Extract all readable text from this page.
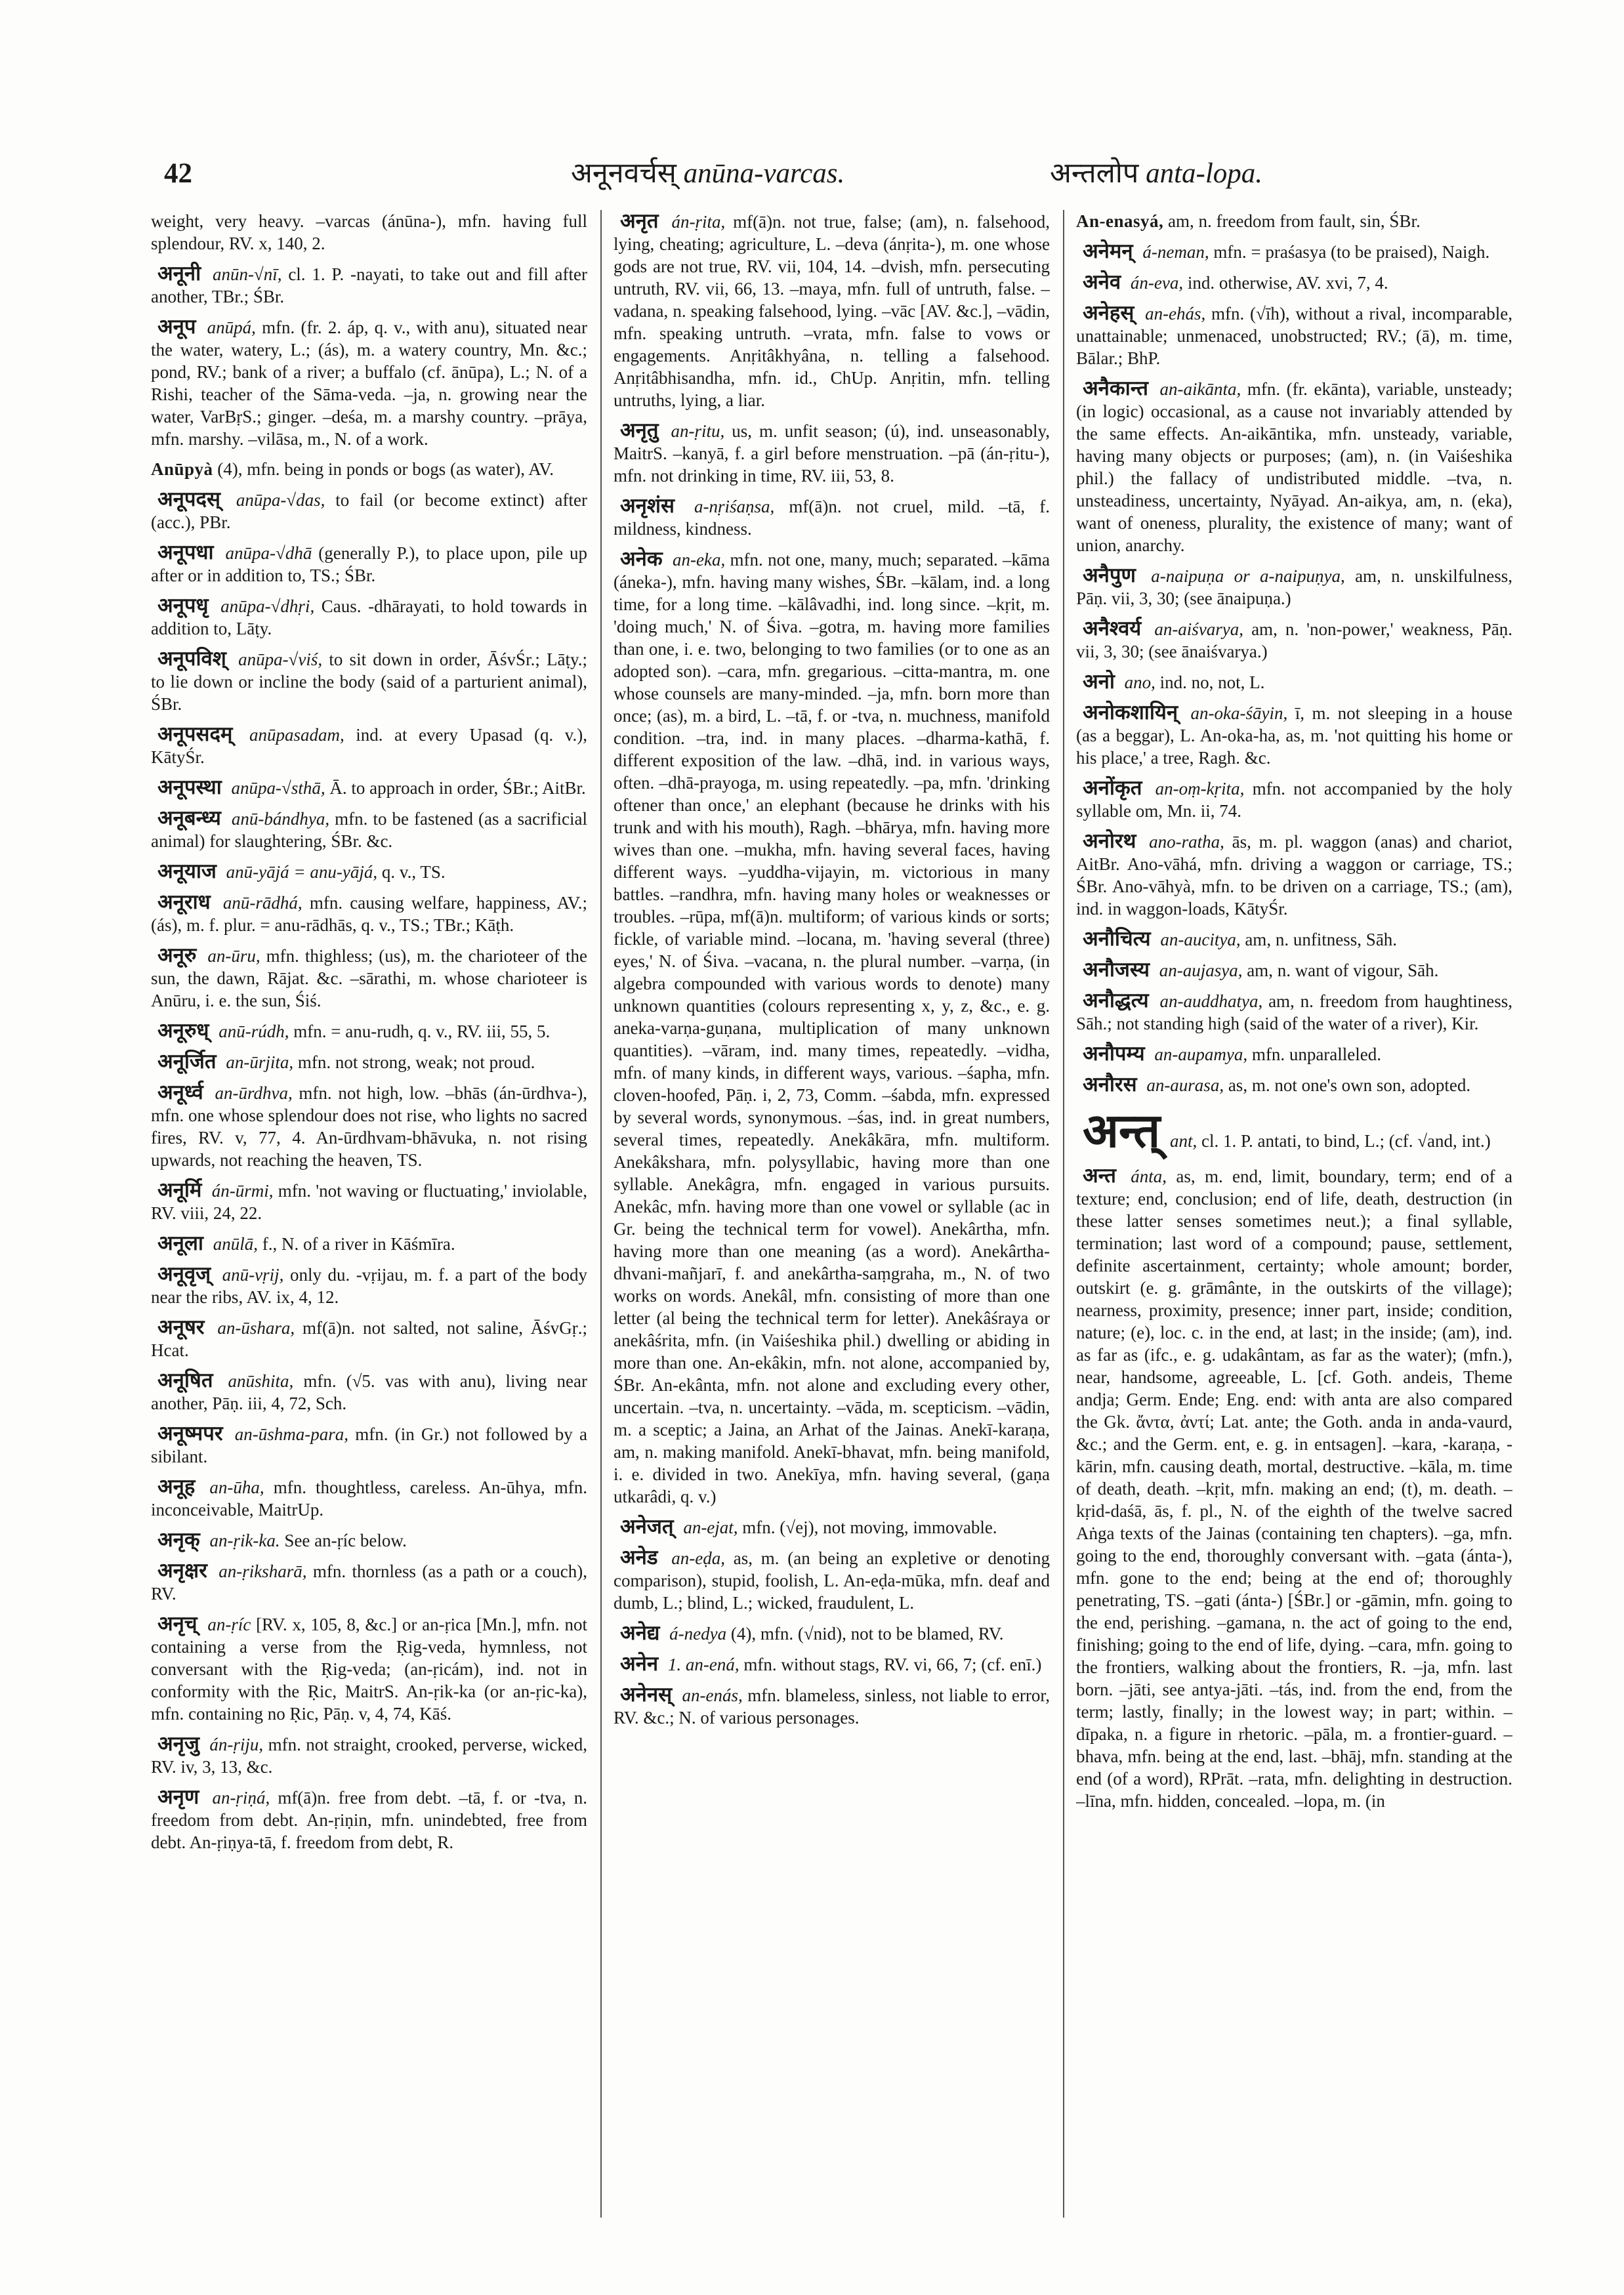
42	अनूनवर्चस् anūna-varcas.	अन्तलोप anta-lopa.

weight, very heavy. –varcas (ánūna-), mfn. having full splendour, RV. x, 140, 2.

अनूनी anūn-√nī, cl. 1. P. -nayati, to take out and fill after another, TBr.; ŚBr.

अनूप anūpá, mfn. (fr. 2. áp, q. v., with anu), situated near the water, watery, L.; (ás), m. a watery country, Mn. &c.; pond, RV.; bank of a river; a buffalo (cf. ānūpa), L.; N. of a Rishi, teacher of the Sāma-veda. –ja, n. growing near the water, VarBṛS.; ginger. –deśa, m. a marshy country. –prāya, mfn. marshy. –vilāsa, m., N. of a work.

Anūpyà (4), mfn. being in ponds or bogs (as water), AV.

अनूपदस् anūpa-√das, to fail (or become extinct) after (acc.), PBr.

अनूपधा anūpa-√dhā (generally P.), to place upon, pile up after or in addition to, TS.; ŚBr.

अनूपधृ anūpa-√dhṛi, Caus. -dhārayati, to hold towards in addition to, Lāṭy.

अनूपविश् anūpa-√viś, to sit down in order, ĀśvŚr.; Lāṭy.; to lie down or incline the body (said of a parturient animal), ŚBr.

अनूपसदम् anūpasadam, ind. at every Upasad (q. v.), KātyŚr.

अनूपस्था anūpa-√sthā, Ā. to approach in order, ŚBr.; AitBr.

अनूबन्ध्य anū-bándhya, mfn. to be fastened (as a sacrificial animal) for slaughtering, ŚBr. &c.

अनूयाज anū-yājá = anu-yājá, q. v., TS.

अनूराध anū-rādhá, mfn. causing welfare, happiness, AV.; (ás), m. f. plur. = anu-rādhās, q. v., TS.; TBr.; Kāṭh.

अनूरु an-ūru, mfn. thighless; (us), m. the charioteer of the sun, the dawn, Rājat. &c. –sārathi, m. whose charioteer is Anūru, i. e. the sun, Śiś.

अनूरुध् anū-rúdh, mfn. = anu-rudh, q. v., RV. iii, 55, 5.

अनूर्जित an-ūrjita, mfn. not strong, weak; not proud.

अनूर्ध्व an-ūrdhva, mfn. not high, low. –bhās (án-ūrdhva-), mfn. one whose splendour does not rise, who lights no sacred fires, RV. v, 77, 4. An-ūrdhvam-bhāvuka, n. not rising upwards, not reaching the heaven, TS.

अनूर्मि án-ūrmi, mfn. 'not waving or fluctuating,' inviolable, RV. viii, 24, 22.

अनूला anūlā, f., N. of a river in Kāśmīra.

अनूवृज् anū-vṛij, only du. -vṛijau, m. f. a part of the body near the ribs, AV. ix, 4, 12.

अनूषर an-ūshara, mf(ā)n. not salted, not saline, ĀśvGṛ.; Hcat.

अनूषित anūshita, mfn. (√5. vas with anu), living near another, Pāṇ. iii, 4, 72, Sch.

अनूष्मपर an-ūshma-para, mfn. (in Gr.) not followed by a sibilant.

अनूह an-ūha, mfn. thoughtless, careless. An-ūhya, mfn. inconceivable, MaitrUp.

अनृक् an-ṛik-ka. See an-ṛíc below.

अनृक्षर an-ṛiksharā, mfn. thornless (as a path or a couch), RV.

अनृच् an-ṛíc [RV. x, 105, 8, &c.] or an-ṛica [Mn.], mfn. not containing a verse from the Ṛig-veda, hymnless, not conversant with the Ṛig-veda; (an-ṛicám), ind. not in conformity with the Ṛic, MaitrS. An-ṛik-ka (or an-ṛic-ka), mfn. containing no Ṛic, Pāṇ. v, 4, 74, Kāś.

अनृजु án-ṛiju, mfn. not straight, crooked, perverse, wicked, RV. iv, 3, 13, &c.

अनृण an-ṛiṇá, mf(ā)n. free from debt. –tā, f. or -tva, n. freedom from debt. An-ṛiṇin, mfn. unindebted, free from debt. An-ṛiṇya-tā, f. freedom from debt, R.

अनृत án-ṛita, mf(ā)n. not true, false; (am), n. falsehood, lying, cheating; agriculture, L. –deva (ánṛita-), m. one whose gods are not true, RV. vii, 104, 14. –dvish, mfn. persecuting untruth, RV. vii, 66, 13. –maya, mfn. full of untruth, false. –vadana, n. speaking falsehood, lying. –vāc [AV. &c.], –vādin, mfn. speaking untruth. –vrata, mfn. false to vows or engagements. Anṛitâkhyâna, n. telling a falsehood. Anṛitâbhisandha, mfn. id., ChUp. Anṛitin, mfn. telling untruths, lying, a liar.

अनृतु an-ṛitu, us, m. unfit season; (ú), ind. unseasonably, MaitrS. –kanyā, f. a girl before menstruation. –pā (án-ṛitu-), mfn. not drinking in time, RV. iii, 53, 8.

अनृशंस a-nṛiśaṇsa, mf(ā)n. not cruel, mild. –tā, f. mildness, kindness.

अनेक an-eka, mfn. not one, many, much; separated. –kāma (áneka-), mfn. having many wishes, ŚBr. –kālam, ind. a long time, for a long time. –kālâvadhi, ind. long since. –kṛit, m. 'doing much,' N. of Śiva. –gotra, m. having more families than one, i. e. two, belonging to two families (or to one as an adopted son). –cara, mfn. gregarious. –citta-mantra, m. one whose counsels are many-minded. –ja, mfn. born more than once; (as), m. a bird, L. –tā, f. or -tva, n. muchness, manifold condition. –tra, ind. in many places. –dharma-kathā, f. different exposition of the law. –dhā, ind. in various ways, often. –dhā-prayoga, m. using repeatedly. –pa, mfn. 'drinking oftener than once,' an elephant (because he drinks with his trunk and with his mouth), Ragh. –bhārya, mfn. having more wives than one. –mukha, mfn. having several faces, having different ways. –yuddha-vijayin, m. victorious in many battles. –randhra, mfn. having many holes or weaknesses or troubles. –rūpa, mf(ā)n. multiform; of various kinds or sorts; fickle, of variable mind. –locana, m. 'having several (three) eyes,' N. of Śiva. –vacana, n. the plural number. –varṇa, (in algebra compounded with various words to denote) many unknown quantities (colours representing x, y, z, &c., e. g. aneka-varṇa-guṇana, multiplication of many unknown quantities). –vāram, ind. many times, repeatedly. –vidha, mfn. of many kinds, in different ways, various. –śapha, mfn. cloven-hoofed, Pāṇ. i, 2, 73, Comm. –śabda, mfn. expressed by several words, synonymous. –śas, ind. in great numbers, several times, repeatedly. Anekâkāra, mfn. multiform. Anekâkshara, mfn. polysyllabic, having more than one syllable. Anekâgra, mfn. engaged in various pursuits. Anekâc, mfn. having more than one vowel or syllable (ac in Gr. being the technical term for vowel). Anekârtha, mfn. having more than one meaning (as a word). Anekârtha-dhvani-mañjarī, f. and anekârtha-saṃgraha, m., N. of two works on words. Anekâl, mfn. consisting of more than one letter (al being the technical term for letter). Anekâśraya or anekâśrita, mfn. (in Vaiśeshika phil.) dwelling or abiding in more than one. An-ekâkin, mfn. not alone, accompanied by, ŚBr. An-ekânta, mfn. not alone and excluding every other, uncertain. –tva, n. uncertainty. –vāda, m. scepticism. –vādin, m. a sceptic; a Jaina, an Arhat of the Jainas. Anekī-karaṇa, am, n. making manifold. Anekī-bhavat, mfn. being manifold, i. e. divided in two. Anekīya, mfn. having several, (gaṇa utkarâdi, q. v.)

अनेजत् an-ejat, mfn. (√ej), not moving, immovable.

अनेड an-eḍa, as, m. (an being an expletive or denoting comparison), stupid, foolish, L. An-eḍa-mūka, mfn. deaf and dumb, L.; blind, L.; wicked, fraudulent, L.

अनेद्य á-nedya (4), mfn. (√nid), not to be blamed, RV.

अनेन 1. an-ená, mfn. without stags, RV. vi, 66, 7; (cf. enī.)

अनेनस् an-enás, mfn. blameless, sinless, not liable to error, RV. &c.; N. of various personages.

An-enasyá, am, n. freedom from fault, sin, ŚBr.

अनेमन् á-neman, mfn. = praśasya (to be praised), Naigh.

अनेव án-eva, ind. otherwise, AV. xvi, 7, 4.

अनेहस् an-ehás, mfn. (√īh), without a rival, incomparable, unattainable; unmenaced, unobstructed; RV.; (ā), m. time, Bālar.; BhP.

अनैकान्त an-aikānta, mfn. (fr. ekānta), variable, unsteady; (in logic) occasional, as a cause not invariably attended by the same effects. An-aikāntika, mfn. unsteady, variable, having many objects or purposes; (am), n. (in Vaiśeshika phil.) the fallacy of undistributed middle. –tva, n. unsteadiness, uncertainty, Nyāyad. An-aikya, am, n. (eka), want of oneness, plurality, the existence of many; want of union, anarchy.

अनैपुण a-naipuṇa or a-naipuṇya, am, n. unskilfulness, Pāṇ. vii, 3, 30; (see ānaipuṇa.)

अनैश्वर्य an-aiśvarya, am, n. 'non-power,' weakness, Pāṇ. vii, 3, 30; (see ānaiśvarya.)

अनो ano, ind. no, not, L.

अनोकशायिन् an-oka-śāyin, ī, m. not sleeping in a house (as a beggar), L. An-oka-ha, as, m. 'not quitting his home or his place,' a tree, Ragh. &c.

अनोंकृत an-oṃ-kṛita, mfn. not accompanied by the holy syllable om, Mn. ii, 74.

अनोरथ ano-ratha, ās, m. pl. waggon (anas) and chariot, AitBr. Ano-vāhá, mfn. driving a waggon or carriage, TS.; ŚBr. Ano-vāhyà, mfn. to be driven on a carriage, TS.; (am), ind. in waggon-loads, KātyŚr.

अनौचित्य an-aucitya, am, n. unfitness, Sāh.

अनौजस्य an-aujasya, am, n. want of vigour, Sāh.

अनौद्धत्य an-auddhatya, am, n. freedom from haughtiness, Sāh.; not standing high (said of the water of a river), Kir.

अनौपम्य an-aupamya, mfn. unparalleled.

अनौरस an-aurasa, as, m. not one's own son, adopted.

अन्त् ant, cl. 1. P. antati, to bind, L.; (cf. √and, int.)

अन्त ánta, as, m. end, limit, boundary, term; end of a texture; end, conclusion; end of life, death, destruction (in these latter senses sometimes neut.); a final syllable, termination; last word of a compound; pause, settlement, definite ascertainment, certainty; whole amount; border, outskirt (e. g. grāmânte, in the outskirts of the village); nearness, proximity, presence; inner part, inside; condition, nature; (e), loc. c. in the end, at last; in the inside; (am), ind. as far as (ifc., e. g. udakântam, as far as the water); (mfn.), near, handsome, agreeable, L. [cf. Goth. andeis, Theme andja; Germ. Ende; Eng. end: with anta are also compared the Gk. ἄντα, ἀντί; Lat. ante; the Goth. anda in anda-vaurd, &c.; and the Germ. ent, e. g. in entsagen]. –kara, -karaṇa, -kārin, mfn. causing death, mortal, destructive. –kāla, m. time of death, death. –kṛit, mfn. making an end; (t), m. death. –kṛid-daśā, ās, f. pl., N. of the eighth of the twelve sacred Aṅga texts of the Jainas (containing ten chapters). –ga, mfn. going to the end, thoroughly conversant with. –gata (ánta-), mfn. gone to the end; being at the end of; thoroughly penetrating, TS. –gati (ánta-) [ŚBr.] or -gāmin, mfn. going to the end, perishing. –gamana, n. the act of going to the end, finishing; going to the end of life, dying. –cara, mfn. going to the frontiers, walking about the frontiers, R. –ja, mfn. last born. –jāti, see antya-jāti. –tás, ind. from the end, from the term; lastly, finally; in the lowest way; in part; within. –dīpaka, n. a figure in rhetoric. –pāla, m. a frontier-guard. –bhava, mfn. being at the end, last. –bhāj, mfn. standing at the end (of a word), RPrāt. –rata, mfn. delighting in destruction. –līna, mfn. hidden, concealed. –lopa, m. (in
